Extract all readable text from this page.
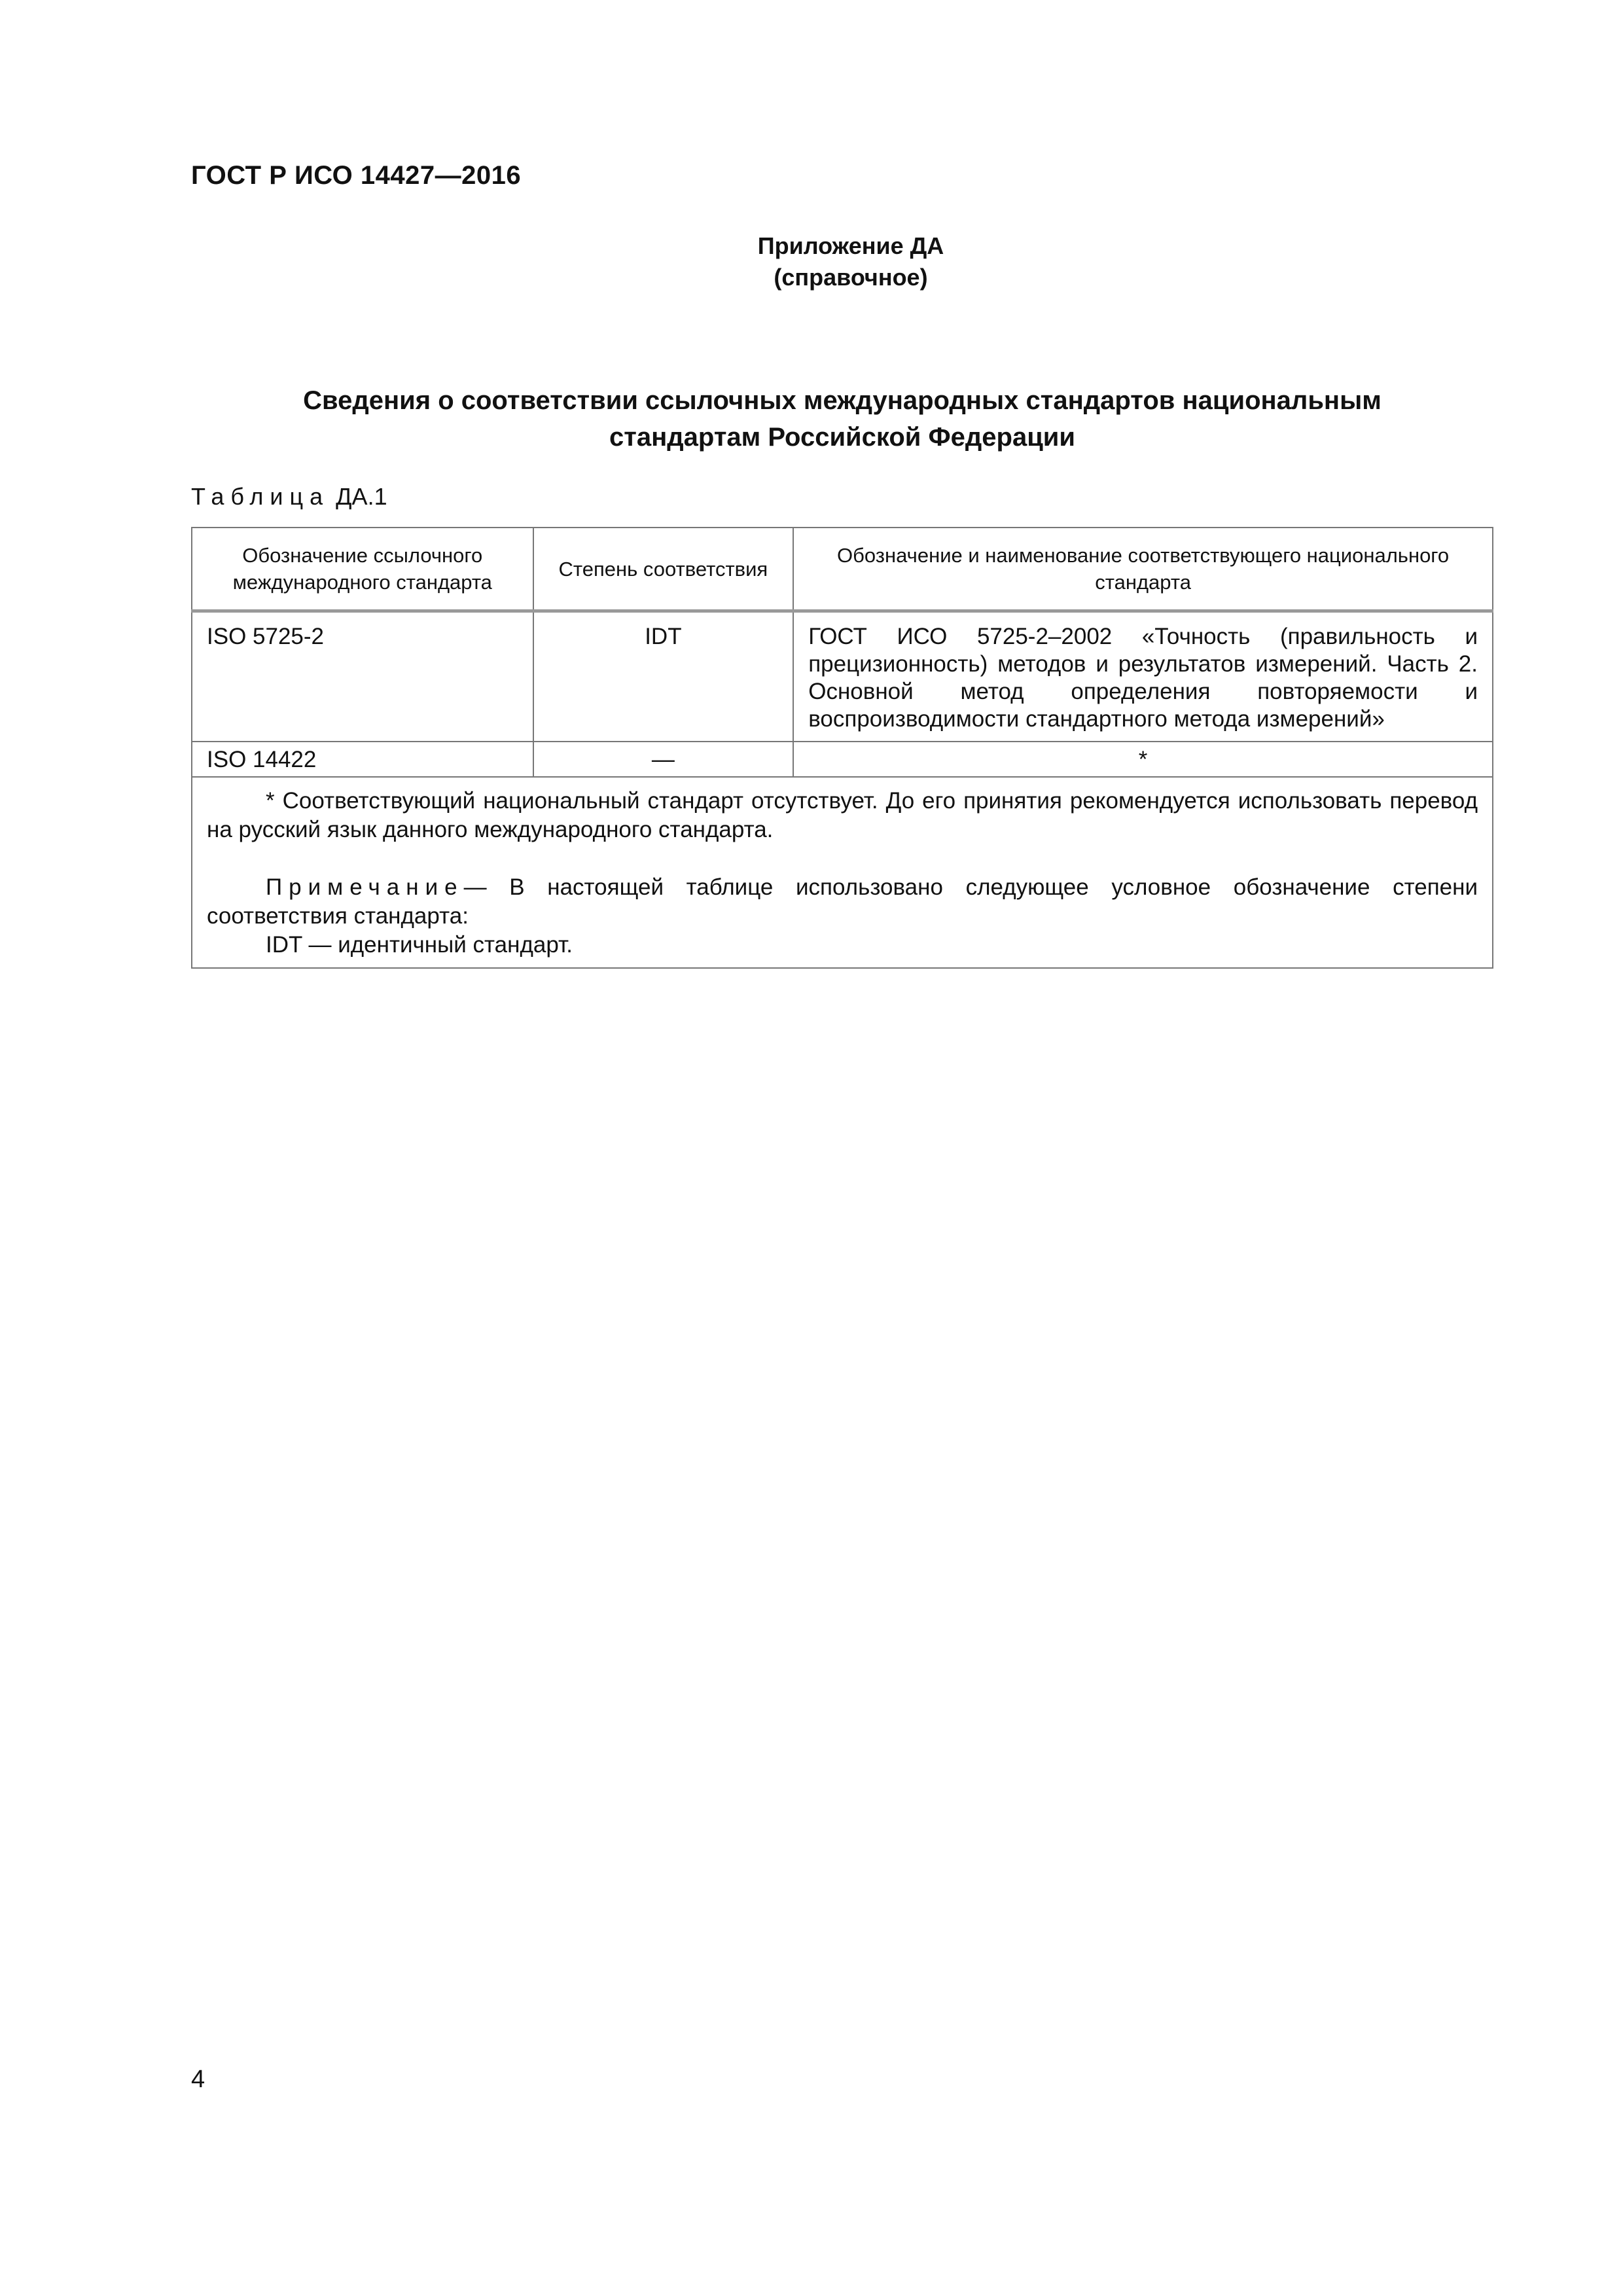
ГОСТ Р ИСО 14427—2016
Приложение ДА
(справочное)
Сведения о соответствии ссылочных международных стандартов национальным
стандартам Российской Федерации
Таблица ДА.1
Обозначение ссылочного международного стандарта	Степень соответствия	Обозначение и наименование соответствующего национального стандарта
ISO 5725-2	IDT	ГОСТ ИСО 5725-2–2002 «Точность (правильность и прецизионность) методов и результатов измерений. Часть 2. Основной метод определения повторяемости и воспроизводимости стандартного метода измерений»
ISO 14422	—	*

* Соответствующий национальный стандарт отсутствует. До его принятия рекомендуется использовать перевод на русский язык данного международного стандарта.

Примечание— В настоящей таблице использовано следующее условное обозначение степени соответствия стандарта:

IDT — идентичный стандарт.		

4
